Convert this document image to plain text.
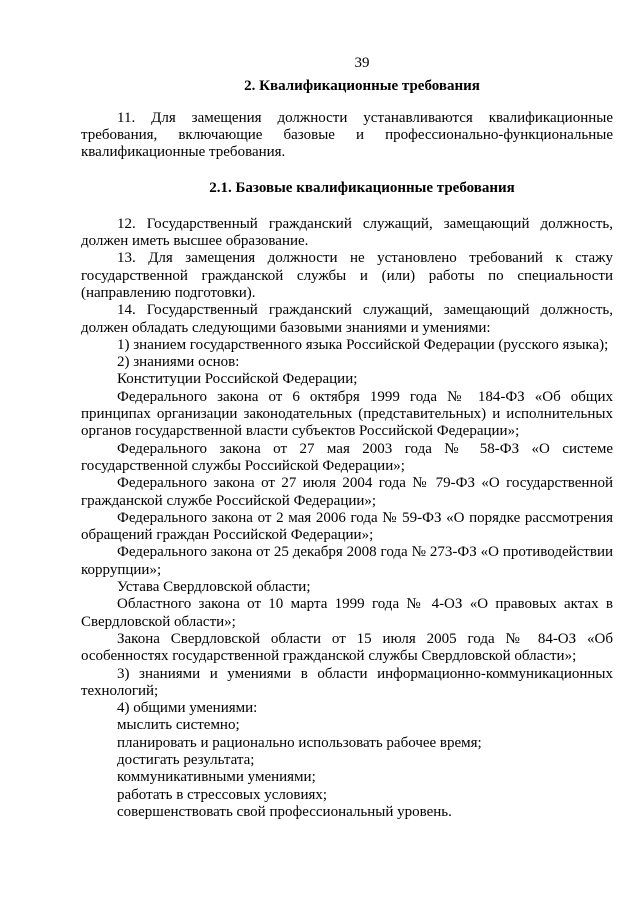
39
2. Квалификационные требования

11. Для замещения должности устанавливаются квалификационные требования, включающие базовые и профессионально-функциональные квалификационные требования.

2.1. Базовые квалификационные требования

12. Государственный гражданский служащий, замещающий должность, должен иметь высшее образование.

13. Для замещения должности не установлено требований к стажу государственной гражданской службы и (или) работы по специальности (направлению подготовки).

14. Государственный гражданский служащий, замещающий должность, должен обладать следующими базовыми знаниями и умениями:

1) знанием государственного языка Российской Федерации (русского языка);

2) знаниями основ:

Конституции Российской Федерации;

Федерального закона от 6 октября 1999 года № 184-ФЗ «Об общих принципах организации законодательных (представительных) и исполнительных органов государственной власти субъектов Российской Федерации»;

Федерального закона от 27 мая 2003 года № 58-ФЗ «О системе государственной службы Российской Федерации»;

Федерального закона от 27 июля 2004 года № 79-ФЗ «О государственной гражданской службе Российской Федерации»;

Федерального закона от 2 мая 2006 года № 59-ФЗ «О порядке рассмотрения обращений граждан Российской Федерации»;

Федерального закона от 25 декабря 2008 года № 273-ФЗ «О противодействии коррупции»;

Устава Свердловской области;

Областного закона от 10 марта 1999 года № 4-ОЗ «О правовых актах в Свердловской области»;

Закона Свердловской области от 15 июля 2005 года № 84-ОЗ «Об особенностях государственной гражданской службы Свердловской области»;

3) знаниями и умениями в области информационно-коммуникационных технологий;

4) общими умениями:

мыслить системно;

планировать и рационально использовать рабочее время;

достигать результата;

коммуникативными умениями;

работать в стрессовых условиях;

совершенствовать свой профессиональный уровень.
